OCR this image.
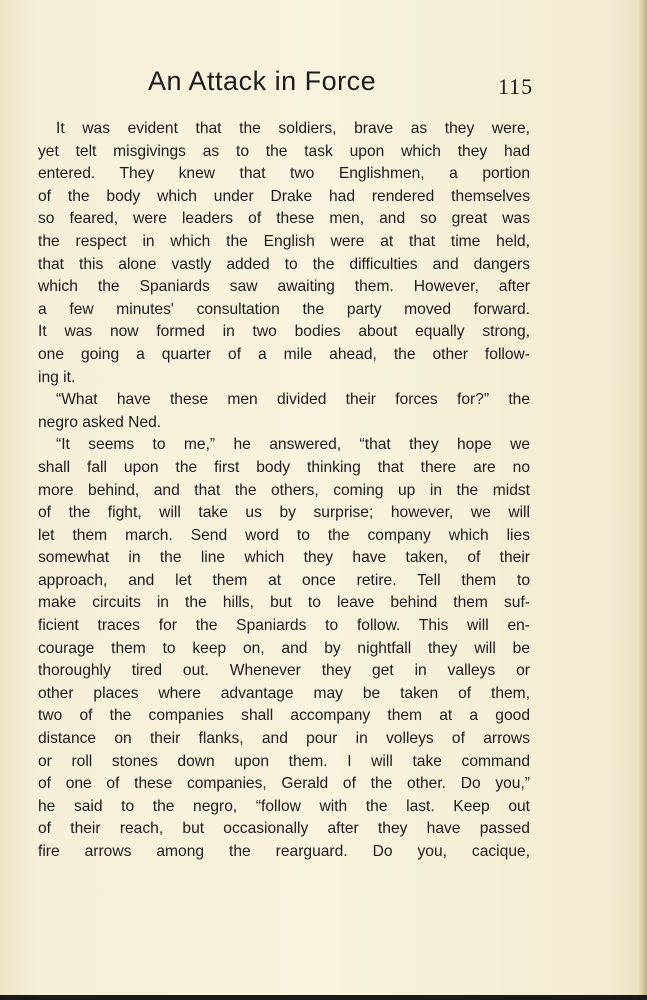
An Attack in Force	115
It was evident that the soldiers, brave as they were,
yet telt misgivings as to the task upon which they had
entered. They knew that two Englishmen, a portion
of the body which under Drake had rendered themselves
so feared, were leaders of these men, and so great was
the respect in which the English were at that time held,
that this alone vastly added to the difficulties and dangers
which the Spaniards saw awaiting them. However, after
a few minutes' consultation the party moved forward.
It was now formed in two bodies about equally strong,
one going a quarter of a mile ahead, the other follow-
ing it.
“What have these men divided their forces for?” the
negro asked Ned.
“It seems to me,” he answered, “that they hope we
shall fall upon the first body thinking that there are no
more behind, and that the others, coming up in the midst
of the fight, will take us by surprise; however, we will
let them march. Send word to the company which lies
somewhat in the line which they have taken, of their
approach, and let them at once retire. Tell them to
make circuits in the hills, but to leave behind them suf-
ficient traces for the Spaniards to follow. This will en-
courage them to keep on, and by nightfall they will be
thoroughly tired out. Whenever they get in valleys or
other places where advantage may be taken of them,
two of the companies shall accompany them at a good
distance on their flanks, and pour in volleys of arrows
or roll stones down upon them. I will take command
of one of these companies, Gerald of the other. Do you,”
he said to the negro, “follow with the last. Keep out
of their reach, but occasionally after they have passed
fire arrows among the rearguard. Do you, cacique,
